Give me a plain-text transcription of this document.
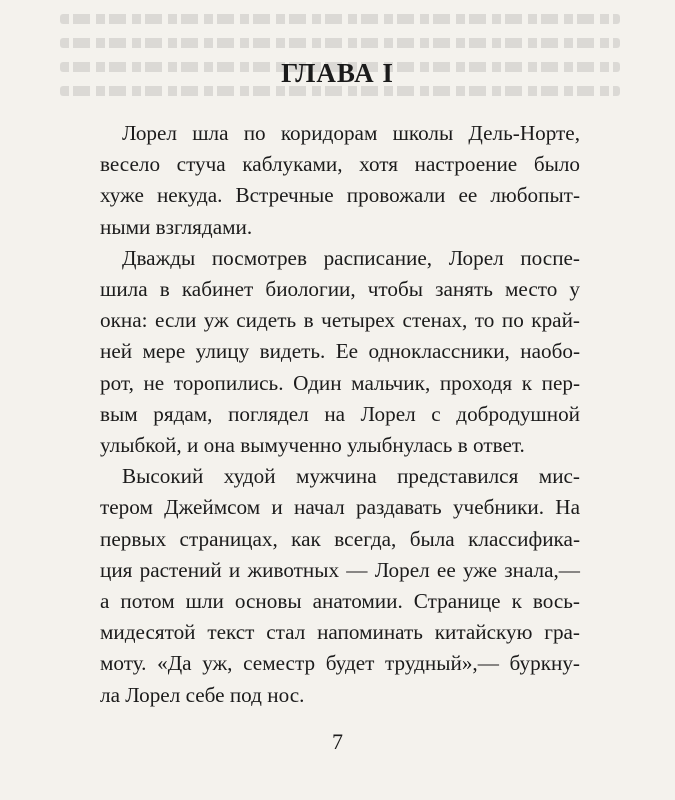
ГЛАВА I
Лорел шла по коридорам школы Дель-Норте,
весело стуча каблуками, хотя настроение было
хуже некуда. Встречные провожали ее любопыт-
ными взглядами.
Дважды посмотрев расписание, Лорел поспе-
шила в кабинет биологии, чтобы занять место у
окна: если уж сидеть в четырех стенах, то по край-
ней мере улицу видеть. Ее одноклассники, наобо-
рот, не торопились. Один мальчик, проходя к пер-
вым рядам, поглядел на Лорел с добродушной
улыбкой, и она вымученно улыбнулась в ответ.
Высокий худой мужчина представился мис-
тером Джеймсом и начал раздавать учебники. На
первых страницах, как всегда, была классифика-
ция растений и животных — Лорел ее уже знала,—
а потом шли основы анатомии. Странице к вось-
мидесятой текст стал напоминать китайскую гра-
моту. «Да уж, семестр будет трудный»,— буркну-
ла Лорел себе под нос.
7
